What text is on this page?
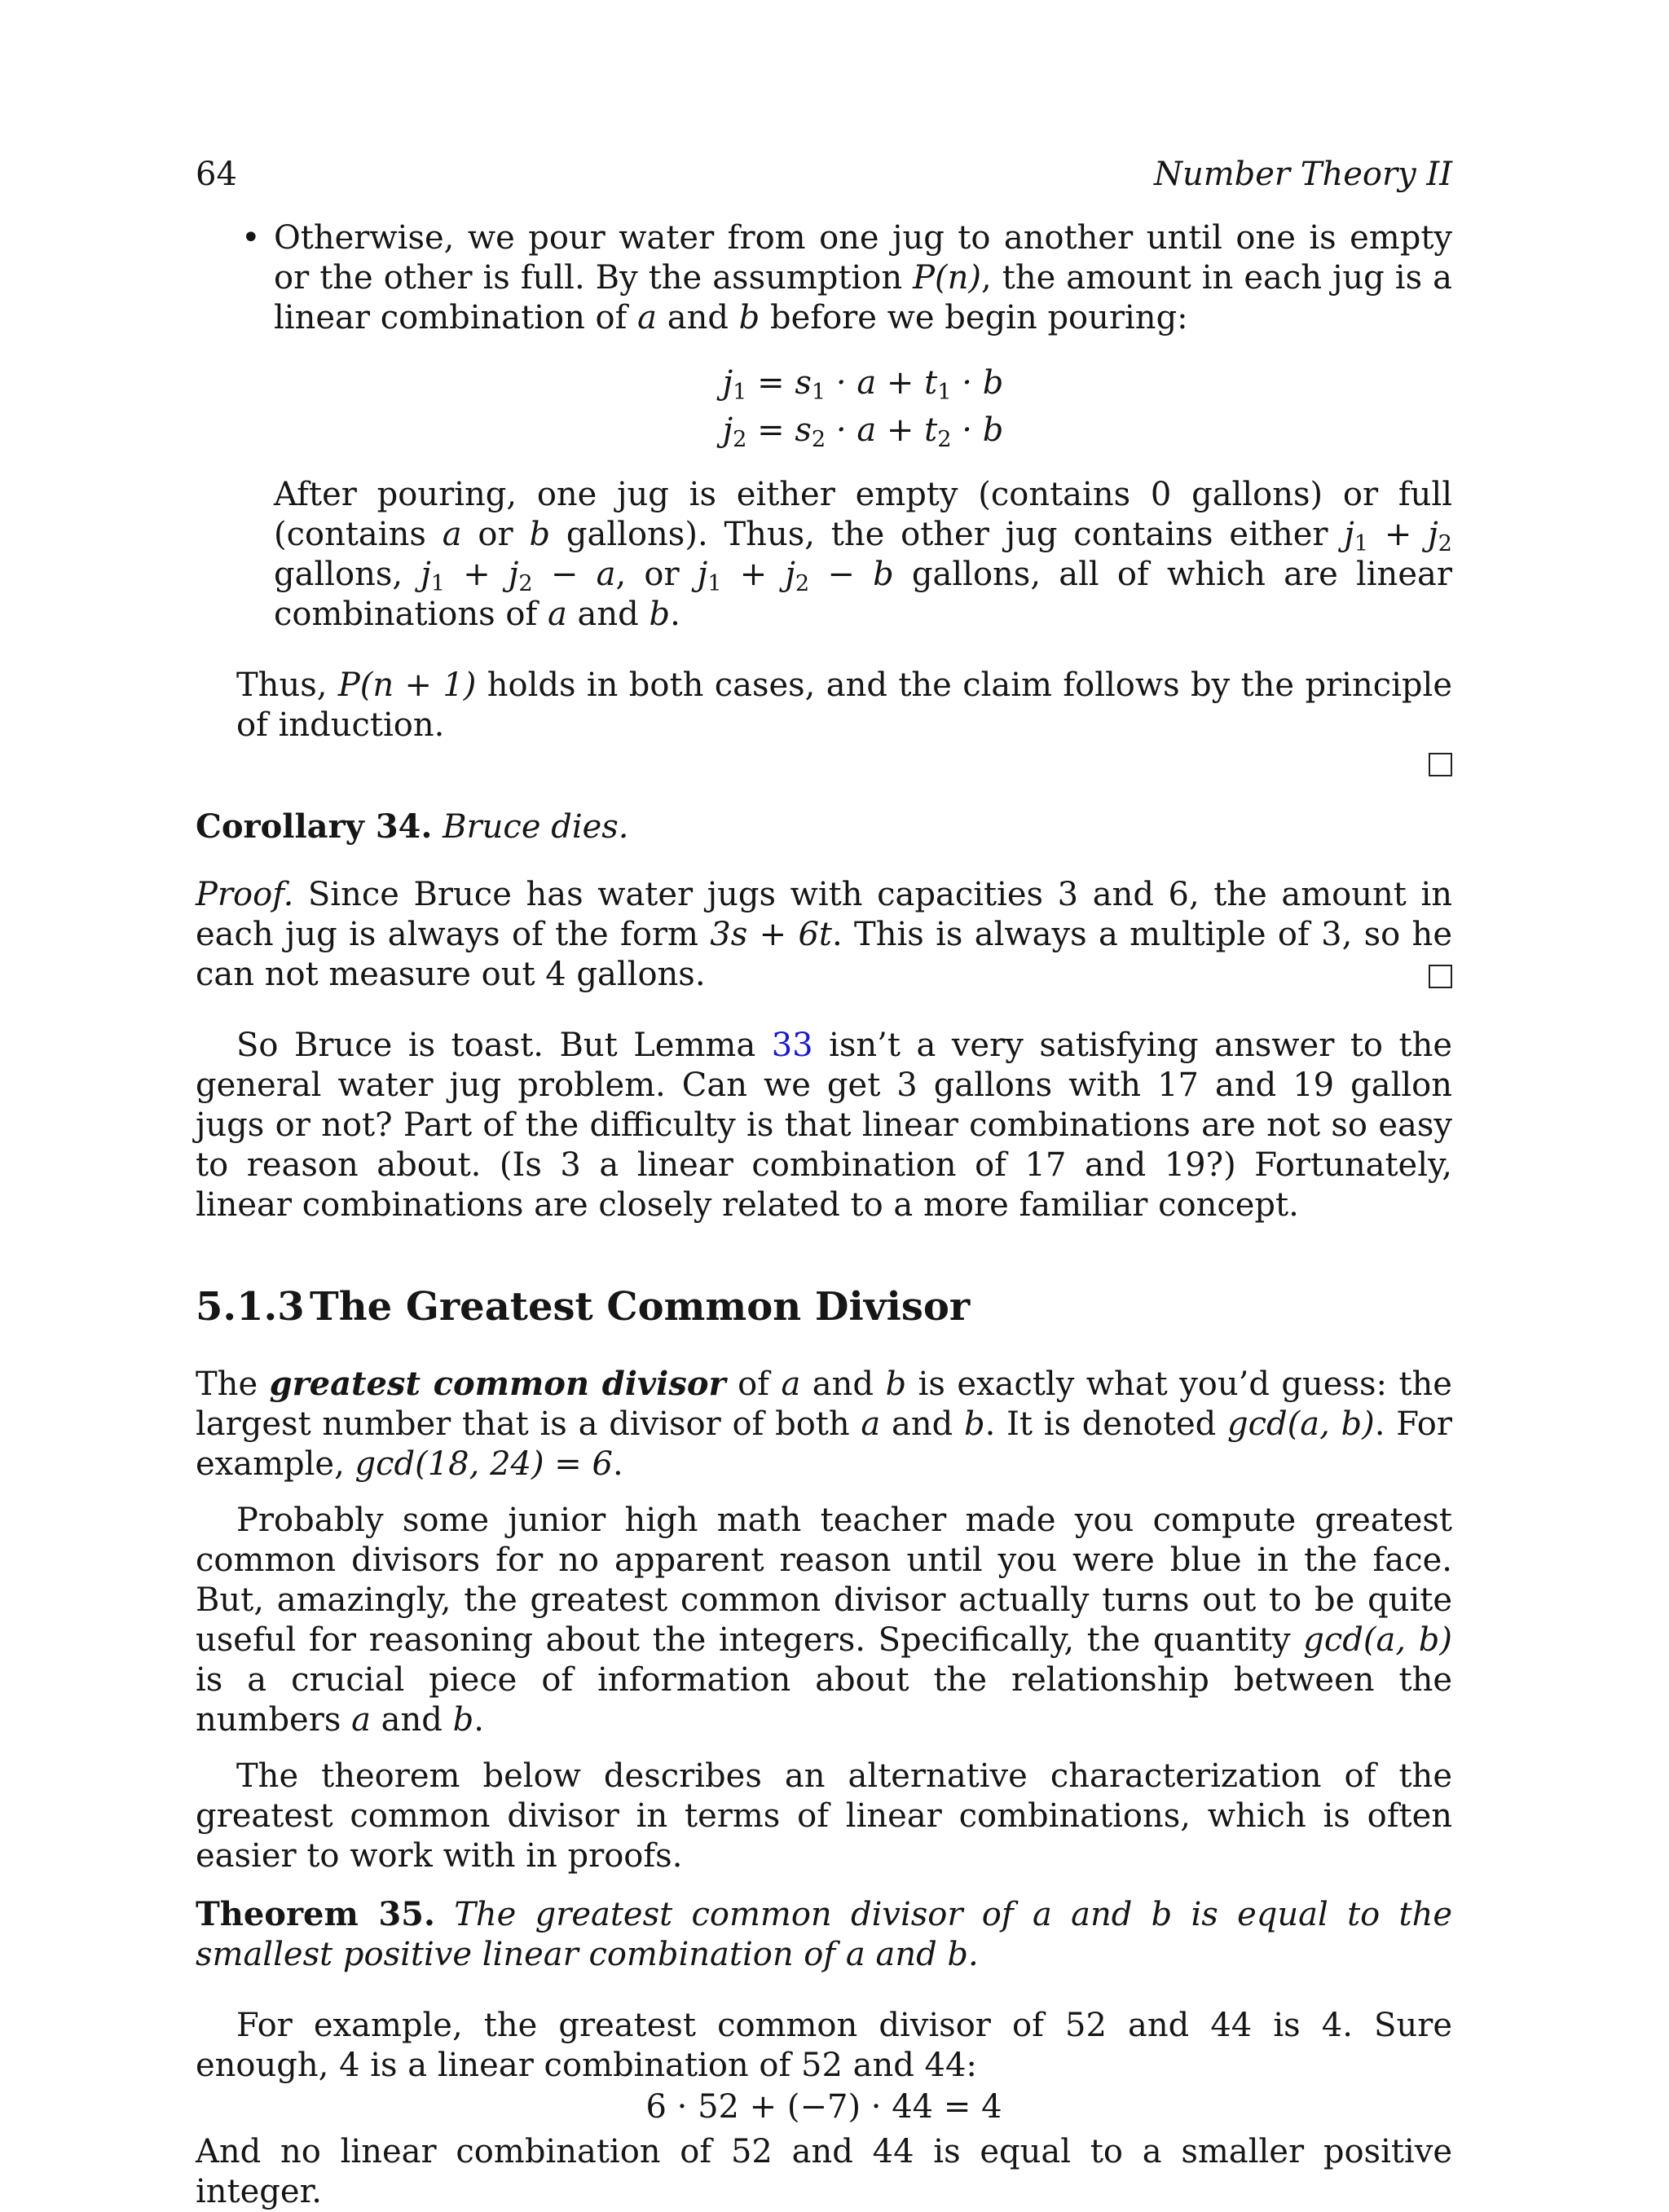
64	Number Theory II
• Otherwise, we pour water from one jug to another until one is empty or the other is full. By the assumption P(n), the amount in each jug is a linear combination of a and b before we begin pouring:

$j_1 = s_1 \cdot a + t_1 \cdot b$
$j_2 = s_2 \cdot a + t_2 \cdot b$

After pouring, one jug is either empty (contains 0 gallons) or full (contains a or b gallons). Thus, the other jug contains either $j_1 + j_2$ gallons, $j_1 + j_2 - a$, or $j_1 + j_2 - b$ gallons, all of which are linear combinations of a and b.

Thus, P(n + 1) holds in both cases, and the claim follows by the principle of induction.

Corollary 34. Bruce dies.

Proof. Since Bruce has water jugs with capacities 3 and 6, the amount in each jug is always of the form 3s + 6t. This is always a multiple of 3, so he can not measure out 4 gallons.

So Bruce is toast. But Lemma 33 isn’t a very satisfying answer to the general water jug problem. Can we get 3 gallons with 17 and 19 gallon jugs or not? Part of the difficulty is that linear combinations are not so easy to reason about. (Is 3 a linear combination of 17 and 19?) Fortunately, linear combinations are closely related to a more familiar concept.

5.1.3 The Greatest Common Divisor

The greatest common divisor of a and b is exactly what you’d guess: the largest number that is a divisor of both a and b. It is denoted gcd(a, b). For example, gcd(18, 24) = 6.

Probably some junior high math teacher made you compute greatest common divisors for no apparent reason until you were blue in the face. But, amazingly, the greatest common divisor actually turns out to be quite useful for reasoning about the integers. Specifically, the quantity gcd(a, b) is a crucial piece of information about the relationship between the numbers a and b.

The theorem below describes an alternative characterization of the greatest common divisor in terms of linear combinations, which is often easier to work with in proofs.

Theorem 35. The greatest common divisor of a and b is equal to the smallest positive linear combination of a and b.

For example, the greatest common divisor of 52 and 44 is 4. Sure enough, 4 is a linear combination of 52 and 44:

6 · 52 + (−7) · 44 = 4

And no linear combination of 52 and 44 is equal to a smaller positive integer.
